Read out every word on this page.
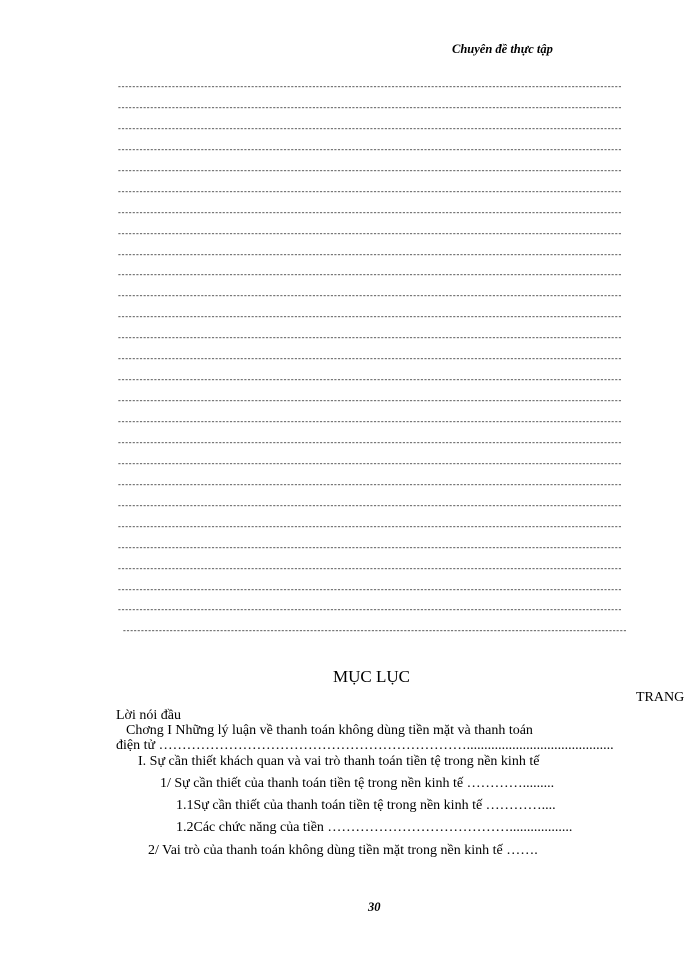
Chuyên đề thực tập
--------------------------------------------------------------------------------------------------------------------------------------------
--------------------------------------------------------------------------------------------------------------------------------------------
--------------------------------------------------------------------------------------------------------------------------------------------
--------------------------------------------------------------------------------------------------------------------------------------------
--------------------------------------------------------------------------------------------------------------------------------------------
--------------------------------------------------------------------------------------------------------------------------------------------
--------------------------------------------------------------------------------------------------------------------------------------------
--------------------------------------------------------------------------------------------------------------------------------------------
--------------------------------------------------------------------------------------------------------------------------------------------
--------------------------------------------------------------------------------------------------------------------------------------------
--------------------------------------------------------------------------------------------------------------------------------------------
--------------------------------------------------------------------------------------------------------------------------------------------
--------------------------------------------------------------------------------------------------------------------------------------------
--------------------------------------------------------------------------------------------------------------------------------------------
--------------------------------------------------------------------------------------------------------------------------------------------
--------------------------------------------------------------------------------------------------------------------------------------------
--------------------------------------------------------------------------------------------------------------------------------------------
--------------------------------------------------------------------------------------------------------------------------------------------
--------------------------------------------------------------------------------------------------------------------------------------------
--------------------------------------------------------------------------------------------------------------------------------------------
--------------------------------------------------------------------------------------------------------------------------------------------
--------------------------------------------------------------------------------------------------------------------------------------------
--------------------------------------------------------------------------------------------------------------------------------------------
--------------------------------------------------------------------------------------------------------------------------------------------
--------------------------------------------------------------------------------------------------------------------------------------------
--------------------------------------------------------------------------------------------------------------------------------------------
--------------------------------------------------------------------------------------------------------------------------------------------
MỤC LỤC
TRANG
Lời nói đầu
Chơng I Những lý luận về thanh toán không dùng tiền mặt và thanh toán
điện tử …………………………………………………………..........................................
I. Sự cần thiết khách quan và vai trò thanh toán tiền tệ trong nền kinh tế
1/ Sự cần thiết của thanh toán tiền tệ trong nền kinh tế ………….........
1.1Sự cần thiết của thanh toán tiền tệ trong nền kinh tế …………....
1.2Các chức năng của tiền …………………………………..................
2/ Vai trò của thanh toán không dùng tiền mặt trong nền kinh tế …….
30
